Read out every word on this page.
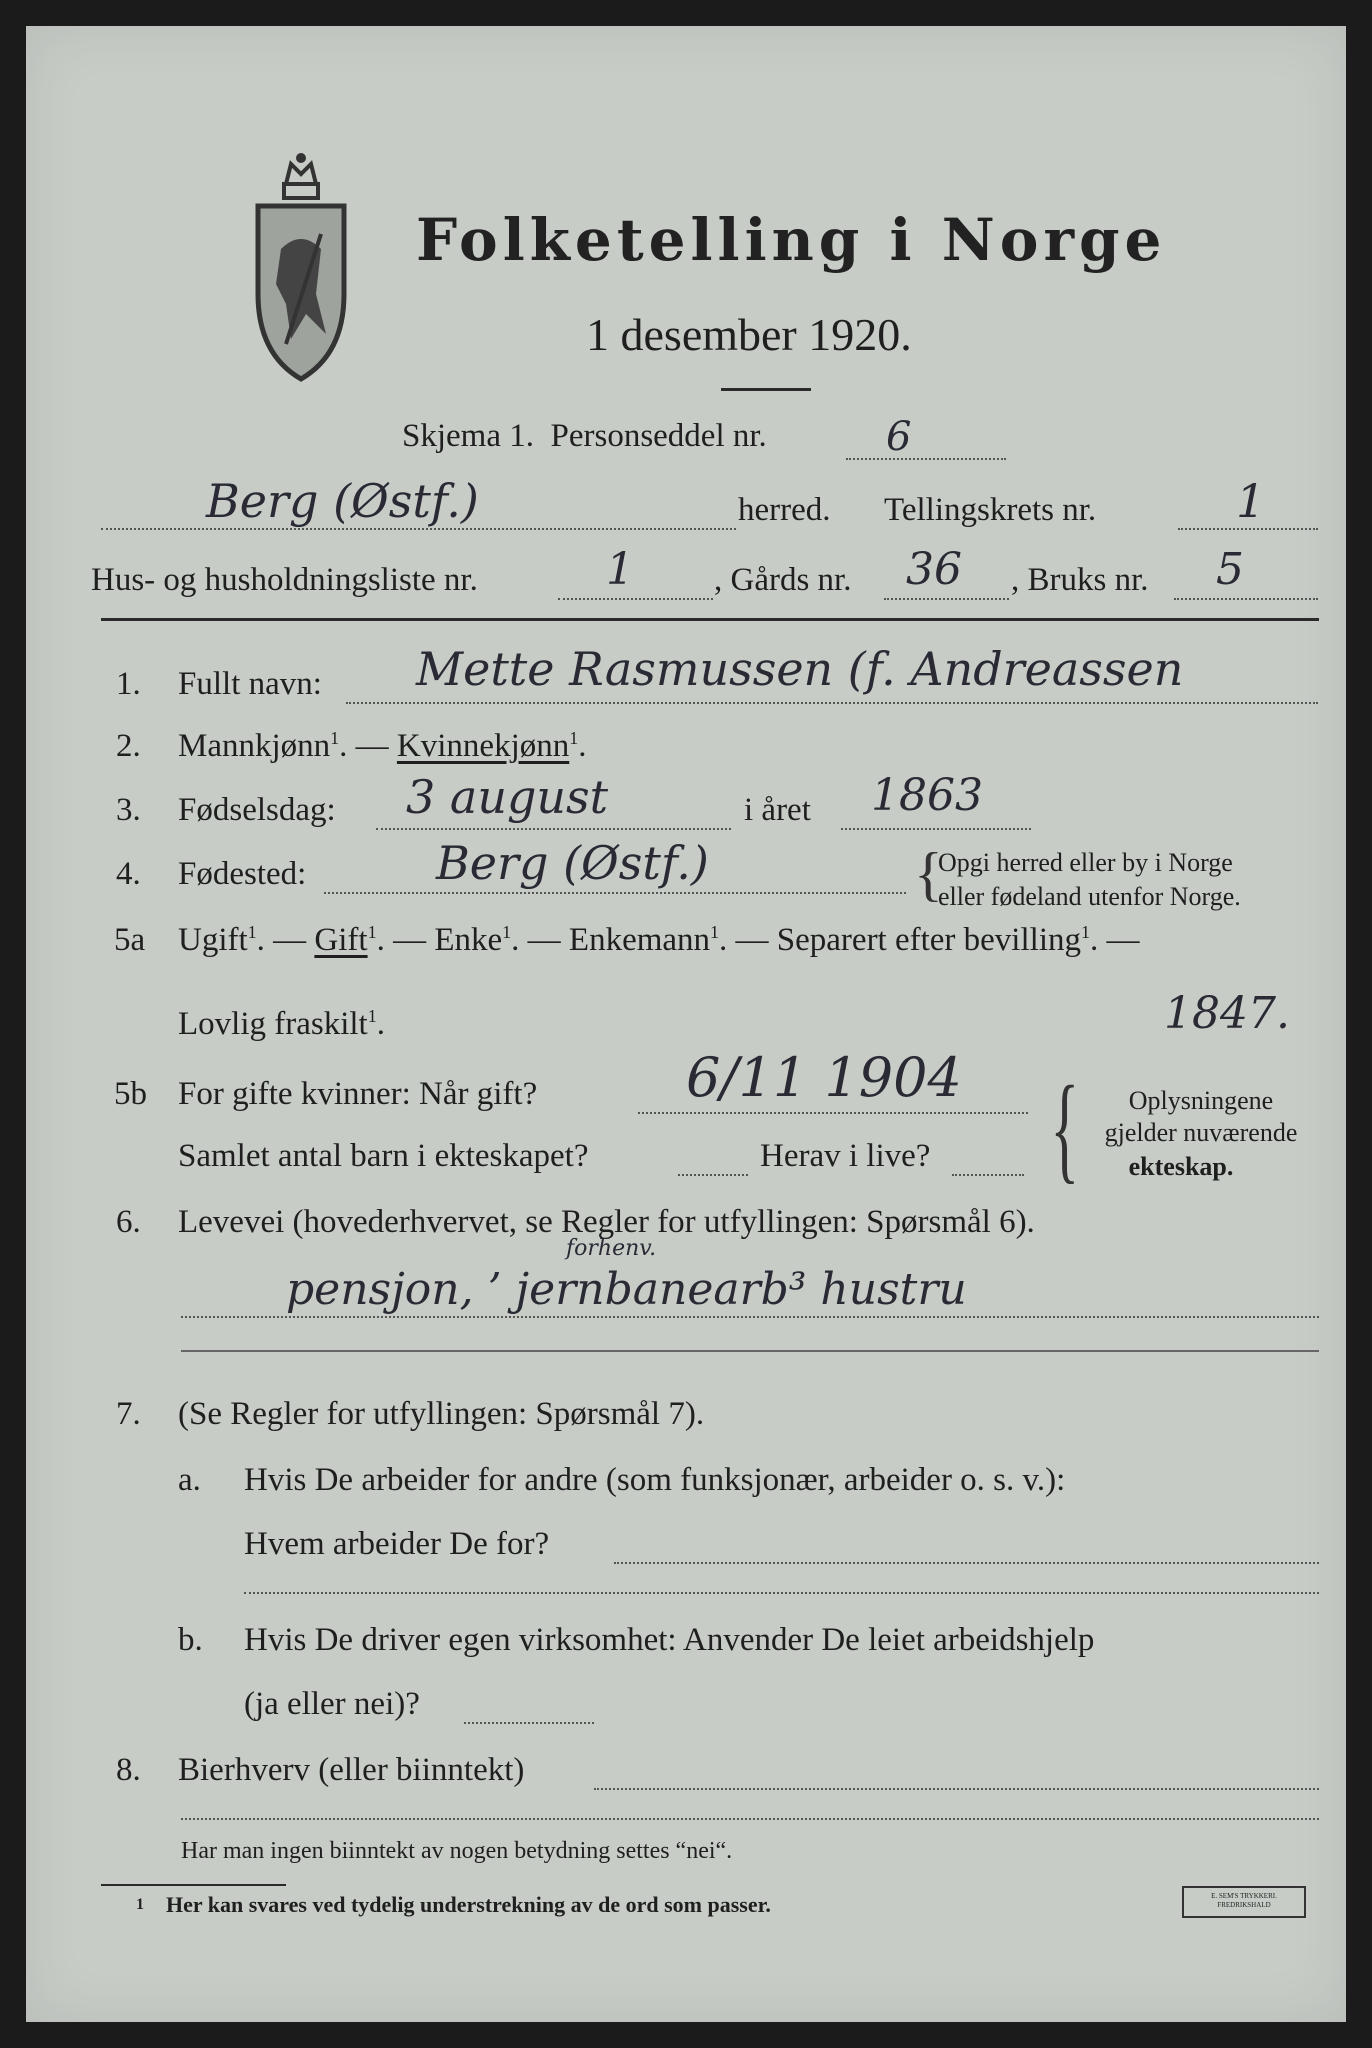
Folketelling i Norge
1 desember 1920.
Skjema 1. Personseddel nr.	6
Berg (Østf.)	herred. Tellingskrets nr.	1
Hus- og husholdningsliste nr.	1 , Gårds nr. 36 , Bruks nr. 5
1. Fullt navn: Mette Rasmussen (f. Andreassen
2. Mannkjønn$^1$. — Kvinnekjønn$^1$.
3. Fødselsdag: 3 august	i året 1863
4. Fødested:	Berg (Østf.)	{
Opgi herred eller by i Norge
eller fødeland utenfor Norge.
5a Ugift$^1$. — Gift$^1$. — Enke$^1$. — Enkemann$^1$. — Separert efter bevilling$^1$. —
Lovlig fraskilt$^1$.	1847.
5b For gifte kvinner: Når gift?	6/11 1904
Samlet antal barn i ekteskapet?	Herav i live? {	Oplysningene
gjelder nuværende
ekteskap.
6. Levevei (hovederhvervet, se Regler for utfyllingen: Spørsmål 6).
forhenv.
pensjon, ’ jernbanearb³ hustru
7. (Se Regler for utfyllingen: Spørsmål 7).
a. Hvis De arbeider for andre (som funksjonær, arbeider o. s. v.):
Hvem arbeider De for?
b. Hvis De driver egen virksomhet: Anvender De leiet arbeidshjelp
(ja eller nei)?
8. Bierhverv (eller biinntekt)
Har man ingen biinntekt av nogen betydning settes “nei“.
1 Her kan svares ved tydelig understrekning av de ord som passer.	E. SEM'S TRYKKERI.
FREDRIKSHALD
